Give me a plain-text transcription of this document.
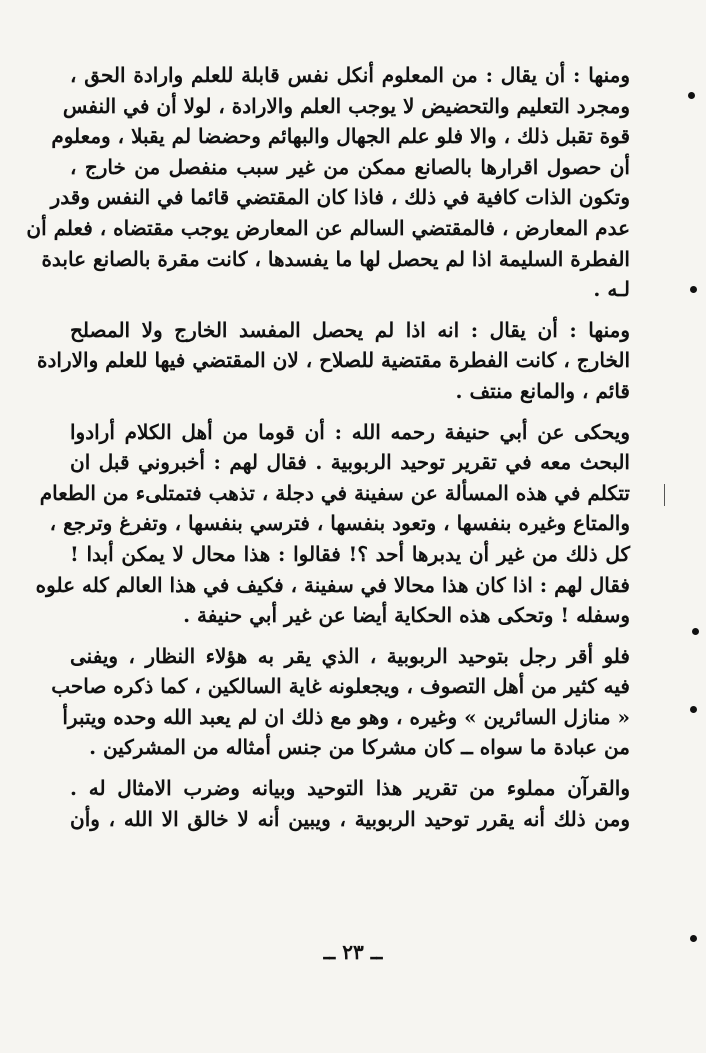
ومنها : أن يقال : من المعلوم أنكل نفس قابلة للعلم وارادة الحق ،
ومجرد التعليم والتحضيض لا يوجب العلم والارادة ، لولا أن في النفس
قوة تقبل ذلك ، والا فلو علم الجهال والبهائم وحضضا لم يقبلا ، ومعلوم
أن حصول اقرارها بالصانع ممكن من غير سبب منفصل من خارج ،
وتكون الذات كافية في ذلك ، فاذا كان المقتضي قائما في النفس وقدر
عدم المعارض ، فالمقتضي السالم عن المعارض يوجب مقتضاه ، فعلم أن
الفطرة السليمة اذا لم يحصل لها ما يفسدها ، كانت مقرة بالصانع عابدة
لـه .

ومنها : أن يقال : انه اذا لم يحصل المفسد الخارج ولا المصلح
الخارج ، كانت الفطرة مقتضية للصلاح ، لان المقتضي فيها للعلم والارادة
قائم ، والمانع منتف .

ويحكى عن أبي حنيفة رحمه الله : أن قوما من أهل الكلام أرادوا
البحث معه في تقرير توحيد الربوبية . فقال لهم : أخبروني قبل ان
تتكلم في هذه المسألة عن سفينة في دجلة ، تذهب فتمتلىء من الطعام
والمتاع وغيره بنفسها ، وتعود بنفسها ، فترسي بنفسها ، وتفرغ وترجع ،
كل ذلك من غير أن يدبرها أحد ؟! فقالوا : هذا محال لا يمكن أبدا !
فقال لهم : اذا كان هذا محالا في سفينة ، فكيف في هذا العالم كله علوه
وسفله ! وتحكى هذه الحكاية أيضا عن غير أبي حنيفة .

فلو أقر رجل بتوحيد الربوبية ، الذي يقر به هؤلاء النظار ، ويفنى
فيه كثير من أهل التصوف ، ويجعلونه غاية السالكين ، كما ذكره صاحب
« منازل السائرين » وغيره ، وهو مع ذلك ان لم يعبد الله وحده ويتبرأ
من عبادة ما سواه ــ كان مشركا من جنس أمثاله من المشركين .

والقرآن مملوء من تقرير هذا التوحيد وبيانه وضرب الامثال له .
ومن ذلك أنه يقرر توحيد الربوبية ، ويبين أنه لا خالق الا الله ، وأن

ــ ٢٣ ــ
